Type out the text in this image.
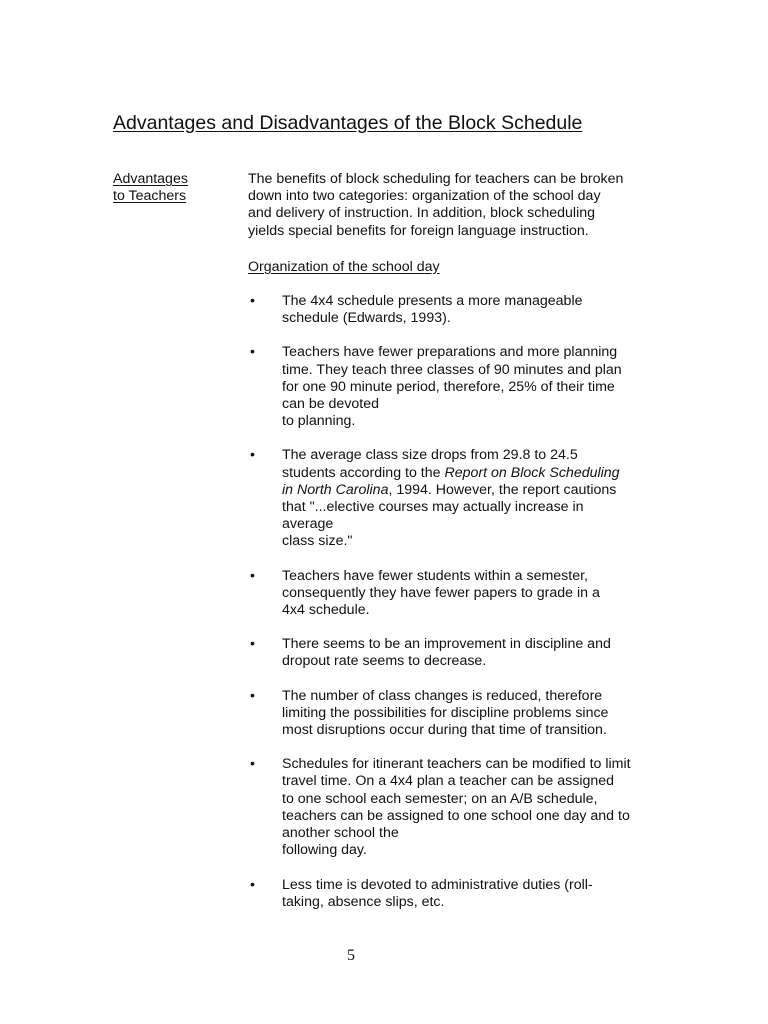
Advantages and Disadvantages of the Block Schedule
Advantages
to Teachers
The benefits of block scheduling for teachers can be broken
down into two categories: organization of the school day
and delivery of instruction. In addition, block scheduling
yields special benefits for foreign language instruction.
Organization of the school day
• The 4x4 schedule presents a more manageable
schedule (Edwards, 1993).
• Teachers have fewer preparations and more planning
time. They teach three classes of 90 minutes and plan
for one 90 minute period, therefore, 25% of their time
can be devoted
to planning.
• The average class size drops from 29.8 to 24.5
students according to the Report on Block Scheduling
in North Carolina, 1994. However, the report cautions
that "...elective courses may actually increase in
average
class size."
• Teachers have fewer students within a semester,
consequently they have fewer papers to grade in a
4x4 schedule.
• There seems to be an improvement in discipline and
dropout rate seems to decrease.
• The number of class changes is reduced, therefore
limiting the possibilities for discipline problems since
most disruptions occur during that time of transition.
• Schedules for itinerant teachers can be modified to limit
travel time. On a 4x4 plan a teacher can be assigned
to one school each semester; on an A/B schedule,
teachers can be assigned to one school one day and to
another school the
following day.
• Less time is devoted to administrative duties (roll-
taking, absence slips, etc.
5
